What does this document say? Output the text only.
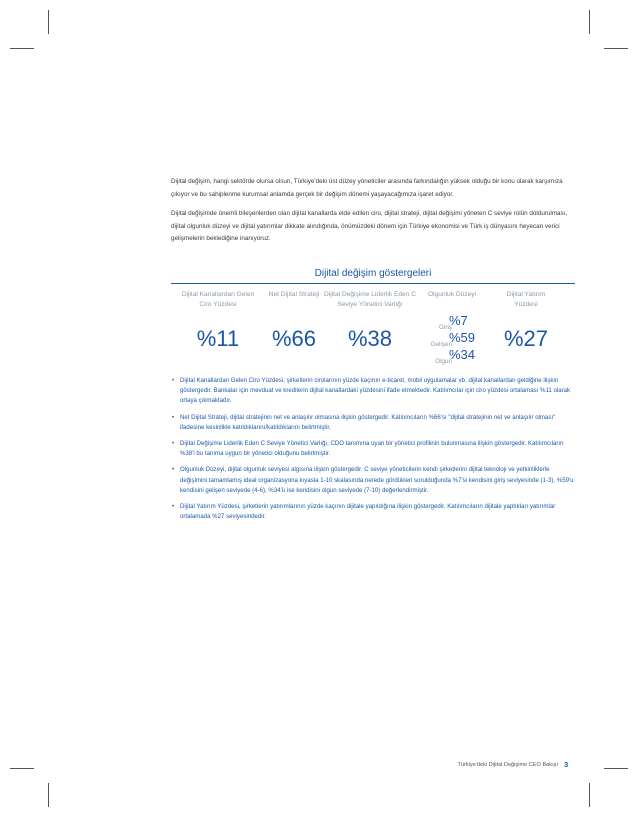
Dijital değişim, hangi sektörde olursa olsun, Türkiye'deki üst düzey yöneticiler arasında farkındalığın yüksek olduğu bir konu olarak karşımıza çıkıyor ve bu sahiplenme kurumsal anlamda gerçek bir değişim dönemi yaşayacağımıza işaret ediyor.

Dijital değişimde önemli bileşenlerden olan dijital kanallarda elde edilen ciro, dijital strateji, dijital değişimi yöneten C seviye rolün doldurulması, dijital olgunluk düzeyi ve dijital yatırımlar dikkate alındığında, önümüzdeki dönem için Türkiye ekonomisi ve Türk iş dünyasını heyecan verici gelişmelerin beklediğine inanıyoruz.

Dijital değişim göstergeleri
Dijital Kanallardan Gelen Ciro Yüzdesi
%11
Net Dijital Strateji
%66
Dijital Değişime Liderlik Eden C Seviye Yönetici Varlığı
%38
Olgunluk Düzeyi
Giriş
%7
Gelişen
%59
Olgun
%34
Dijital Yatırım Yüzdesi
%27
• Dijital Kanallardan Gelen Ciro Yüzdesi, şirketlerin cirolarının yüzde kaçının e-ticaret, mobil uygulamalar vb. dijital kanallardan geldiğine ilişkin göstergedir. Bankalar için mevduat ve kredilerin dijital kanallardaki yüzdesini ifade etmektedir. Katılımcılar için ciro yüzdesi ortalaması %11 olarak ortaya çıkmaktadır.
• Net Dijital Strateji, dijital stratejinin net ve anlaşılır olmasına ilişkin göstergedir. Katılımcıların %66'sı "dijital stratejinin net ve anlaşılır olması" ifadesine kesinlikle katıldıklarını/katıldıklarını belirtmiştir.
• Dijital Değişime Liderlik Eden C Seviye Yönetici Varlığı, CDO tanımına uyan bir yönetici profilinin bulunmasına ilişkin göstergedir. Katılımcıların %38'i bu tanıma uygun bir yönetici olduğunu belirtmiştir.
• Olgunluk Düzeyi, dijital olgunluk seviyesi algısına ilişkin göstergedir. C seviye yöneticilerin kendi şirketlerini dijital teknoloji ve yetkinliklerle değişimini tamamlamış ideal organizasyona kıyasla 1-10 skalasında nerede gördükleri sorulduğunda %7'si kendisini giriş seviyesinde (1-3), %59'u kendisini gelişen seviyede (4-6), %34'ü ise kendisini olgun seviyede (7-10) değerlendirmiştir.
• Dijital Yatırım Yüzdesi, şirketlerin yatırımlarının yüzde kaçının dijitale yapıldığına ilişkin göstergedir. Katılımcıların dijitale yaptıkları yatırımlar ortalamada %27 seviyesindedir.
Türkiye'deki Dijital Değişime CEO Bakışı 3
